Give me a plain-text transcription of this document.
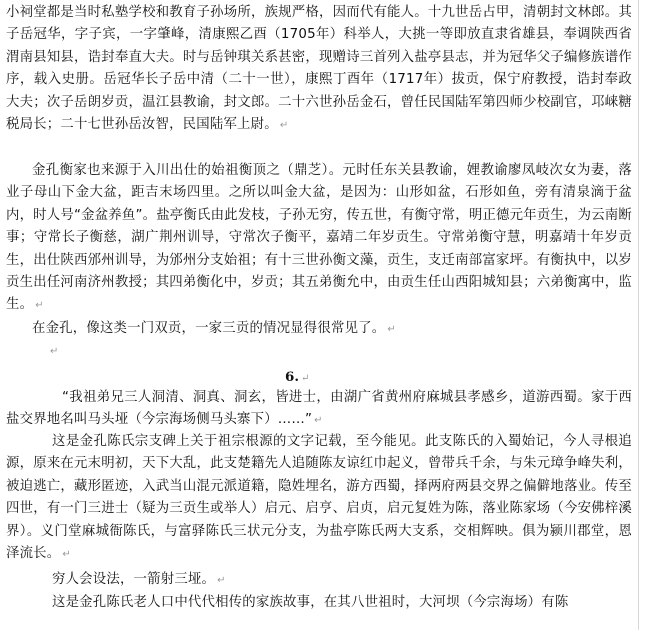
小祠堂都是当时私塾学校和教育子孙场所，族规严格，因而代有能人。十九世岳占甲，清朝封文林郎。其子岳冠华，字子宾，一字肇峰，清康熙乙酉（1705年）科举人，大挑一等即放直隶省雄县，奉调陕西省渭南县知县，诰封奉直大夫。时与岳钟琪关系甚密，现赠诗三首列入盐亭县志，并为冠华父子编修族谱作序，载入史册。岳冠华长子岳中清（二十一世），康熙丁酉年（1717年）拔贡，保宁府教授，诰封奉政大夫；次子岳朗岁贡，温江县教谕，封文郎。二十六世孙岳金石，曾任民国陆军第四师少校副官，邛崃糖税局长；二十七世孙岳汝智，民国陆军上尉。 ↵

金孔衡家也来源于入川出仕的始祖衡顶之（鼎芝）。元时任东关县教谕，娌教谕廖凤岐次女为妻，落业子母山下金大盆，距吉末场四里。之所以叫金大盆，是因为：山形如盆，石形如鱼，旁有清泉滴于盆内，时人号“金盆养鱼”。盐亭衡氏由此发枝，子孙无穷，传五世，有衡守常，明正德元年贡生，为云南断事；守常长子衡慈，湖广荆州训导，守常次子衡平，嘉靖二年岁贡生。守常弟衡守慧，明嘉靖十年岁贡生，出仕陕西邠州训导，为邠州分支始祖；有十三世孙衡文藻，贡生，支迁南部富家坪。有衡执中，以岁贡生出任河南济州教授；其四弟衡化中，岁贡；其五弟衡允中，由贡生任山西阳城知县；六弟衡寓中，监生。 ↵

在金孔，像这类一门双贡，一家三贡的情况显得很常见了。 ↵

↵
6. ↵

“我祖弟兄三人洞清、洞真、洞玄，皆进士，由湖广省黄州府麻城县孝感乡，道游西蜀。家于西盐交界地名叫马头垭（今宗海场侧马头寨下）……” ↵

这是金孔陈氏宗支碑上关于祖宗根源的文字记载，至今能见。此支陈氏的入蜀始记，今人寻根追源，原来在元末明初，天下大乱，此支楚籍先人追随陈友谅红巾起义，曾带兵千余，与朱元璋争峰失利，被迫逃亡，藏形匿迹，入武当山混元派道籍，隐姓埋名，游方西蜀，择两府两县交界之偏僻地落业。传至四世，有一门三进士（疑为三贡生或举人）启元、启亨、启贞，启元复姓为陈，落业陈家场（今安佛梓溪界）。义门堂麻城衙陈氏，与富驿陈氏三状元分支，为盐亭陈氏两大支系，交相辉映。俱为颍川郡堂，恩泽流长。 ↵

穷人会设法，一箭射三垭。 ↵

这是金孔陈氏老人口中代代相传的家族故事，在其八世祖时，大河坝（今宗海场）有陈
